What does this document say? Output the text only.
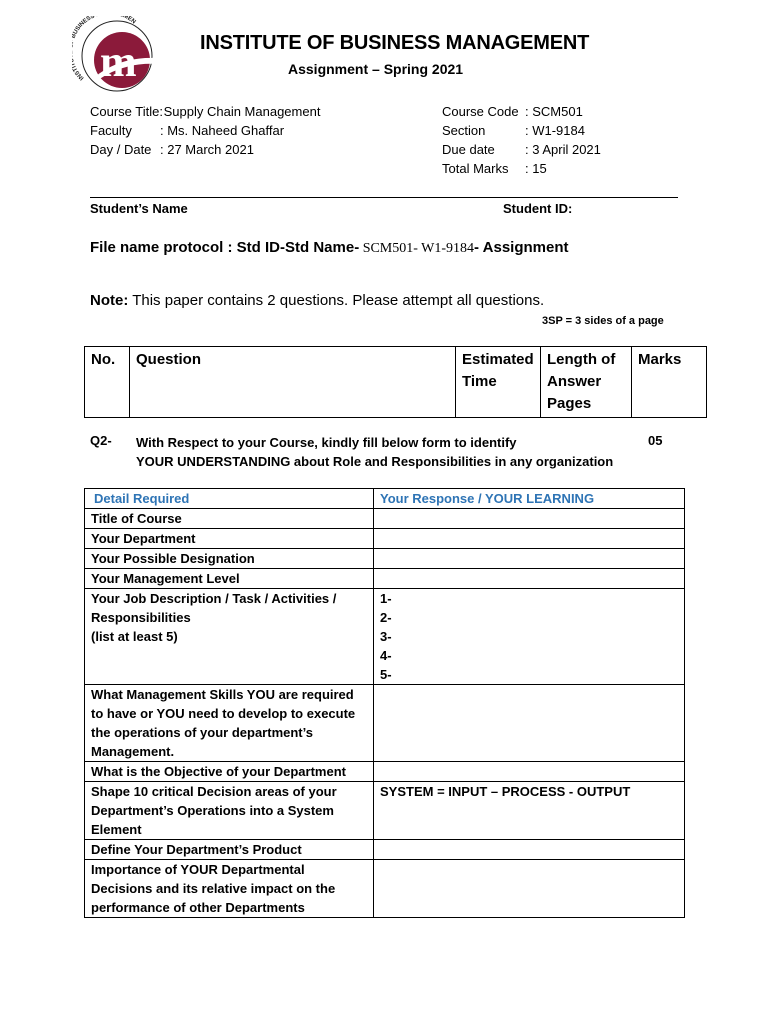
m
INSTI USINESS MEN
INSTITUTE OF BUSINESS MANAGEMENT
Assignment – Spring 2021
Course Title: Supply Chain Management
Faculty : Ms. Naheed Ghaffar
Day / Date : 27 March 2021
Course Code : SCM501
Section	: W1-9184
Due date : 3 April 2021
Total Marks : 15
Student’s Name	Student ID:
File name protocol : Std ID-Std Name- SCM501- W1-9184- Assignment
Note: This paper contains 2 questions. Please attempt all questions.
3SP = 3 sides of a page
No.	Question	Estimated Time	Length of Answer Pages	Marks
Q2- With Respect to your Course, kindly fill below form to identify
YOUR UNDERSTANDING about Role and Responsibilities in any organization
05
Detail Required	Your Response / YOUR LEARNING
Title of Course	
Your Department	
Your Possible Designation	
Your Management Level	
Your Job Description / Task / Activities / Responsibilities
(list at least 5)	1-
2-
3-
4-
5-
What Management Skills YOU are required to have or YOU need to develop to execute the operations of your department’s Management.	
What is the Objective of your Department	
Shape 10 critical Decision areas of your Department’s Operations into a System Element	SYSTEM = INPUT – PROCESS - OUTPUT
Define Your Department’s Product	
Importance of YOUR Departmental Decisions and its relative impact on the performance of other Departments	
